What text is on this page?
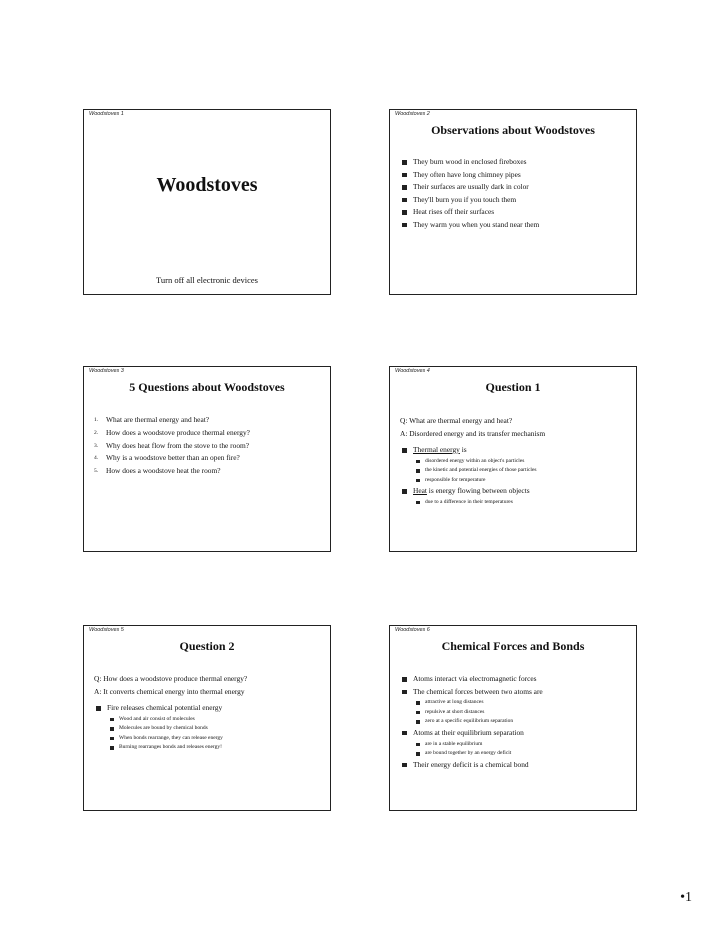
Woodstoves 1
Woodstoves
Turn off all electronic devices
Woodstoves 2
Observations about Woodstoves
They burn wood in enclosed fireboxes
They often have long chimney pipes
Their surfaces are usually dark in color
They'll burn you if you touch them
Heat rises off their surfaces
They warm you when you stand near them
Woodstoves 3
5 Questions about Woodstoves
1. What are thermal energy and heat?
2. How does a woodstove produce thermal energy?
3. Why does heat flow from the stove to the room?
4. Why is a woodstove better than an open fire?
5. How does a woodstove heat the room?
Woodstoves 4
Question 1
Q: What are thermal energy and heat?
A: Disordered energy and its transfer mechanism
Thermal energy is
disordered energy within an object's particles
the kinetic and potential energies of those particles
responsible for temperature
Heat is energy flowing between objects
due to a difference in their temperatures
Woodstoves 5
Question 2
Q: How does a woodstove produce thermal energy?
A: It converts chemical energy into thermal energy
Fire releases chemical potential energy
Wood and air consist of molecules
Molecules are bound by chemical bonds
When bonds rearrange, they can release energy
Burning rearranges bonds and releases energy!
Woodstoves 6
Chemical Forces and Bonds
Atoms interact via electromagnetic forces
The chemical forces between two atoms are
attractive at long distances
repulsive at short distances
zero at a specific equilibrium separation
Atoms at their equilibrium separation
are in a stable equilibrium
are bound together by an energy deficit
Their energy deficit is a chemical bond
•1
